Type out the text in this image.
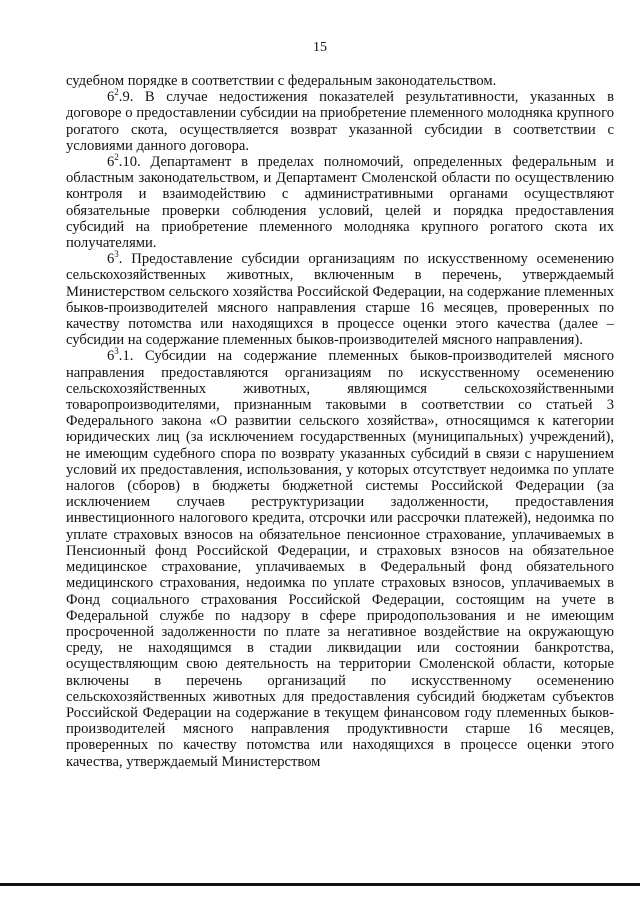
15

судебном порядке в соответствии с федеральным законодательством.

$6^2.9$. В случае недостижения показателей результативности, указанных в договоре о предоставлении субсидии на приобретение племенного молодняка крупного рогатого скота, осуществляется возврат указанной субсидии в соответствии с условиями данного договора.

$6^2.10$. Департамент в пределах полномочий, определенных федеральным и областным законодательством, и Департамент Смоленской области по осуществлению контроля и взаимодействию с административными органами осуществляют обязательные проверки соблюдения условий, целей и порядка предоставления субсидий на приобретение племенного молодняка крупного рогатого скота их получателями.

$6^3$. Предоставление субсидии организациям по искусственному осеменению сельскохозяйственных животных, включенным в перечень, утверждаемый Министерством сельского хозяйства Российской Федерации, на содержание племенных быков-производителей мясного направления старше 16 месяцев, проверенных по качеству потомства или находящихся в процессе оценки этого качества (далее – субсидии на содержание племенных быков-производителей мясного направления).

$6^3.1$. Субсидии на содержание племенных быков-производителей мясного направления предоставляются организациям по искусственному осеменению сельскохозяйственных животных, являющимся сельскохозяйственными товаропроизводителями, признанным таковыми в соответствии со статьей 3 Федерального закона «О развитии сельского хозяйства», относящимся к категории юридических лиц (за исключением государственных (муниципальных) учреждений), не имеющим судебного спора по возврату указанных субсидий в связи с нарушением условий их предоставления, использования, у которых отсутствует недоимка по уплате налогов (сборов) в бюджеты бюджетной системы Российской Федерации (за исключением случаев реструктуризации задолженности, предоставления инвестиционного налогового кредита, отсрочки или рассрочки платежей), недоимка по уплате страховых взносов на обязательное пенсионное страхование, уплачиваемых в Пенсионный фонд Российской Федерации, и страховых взносов на обязательное медицинское страхование, уплачиваемых в Федеральный фонд обязательного медицинского страхования, недоимка по уплате страховых взносов, уплачиваемых в Фонд социального страхования Российской Федерации, состоящим на учете в Федеральной службе по надзору в сфере природопользования и не имеющим просроченной задолженности по плате за негативное воздействие на окружающую среду, не находящимся в стадии ликвидации или состоянии банкротства, осуществляющим свою деятельность на территории Смоленской области, которые включены в перечень организаций по искусственному осеменению сельскохозяйственных животных для предоставления субсидий бюджетам субъектов Российской Федерации на содержание в текущем финансовом году племенных быков-производителей мясного направления продуктивности старше 16 месяцев, проверенных по качеству потомства или находящихся в процессе оценки этого качества, утверждаемый Министерством
